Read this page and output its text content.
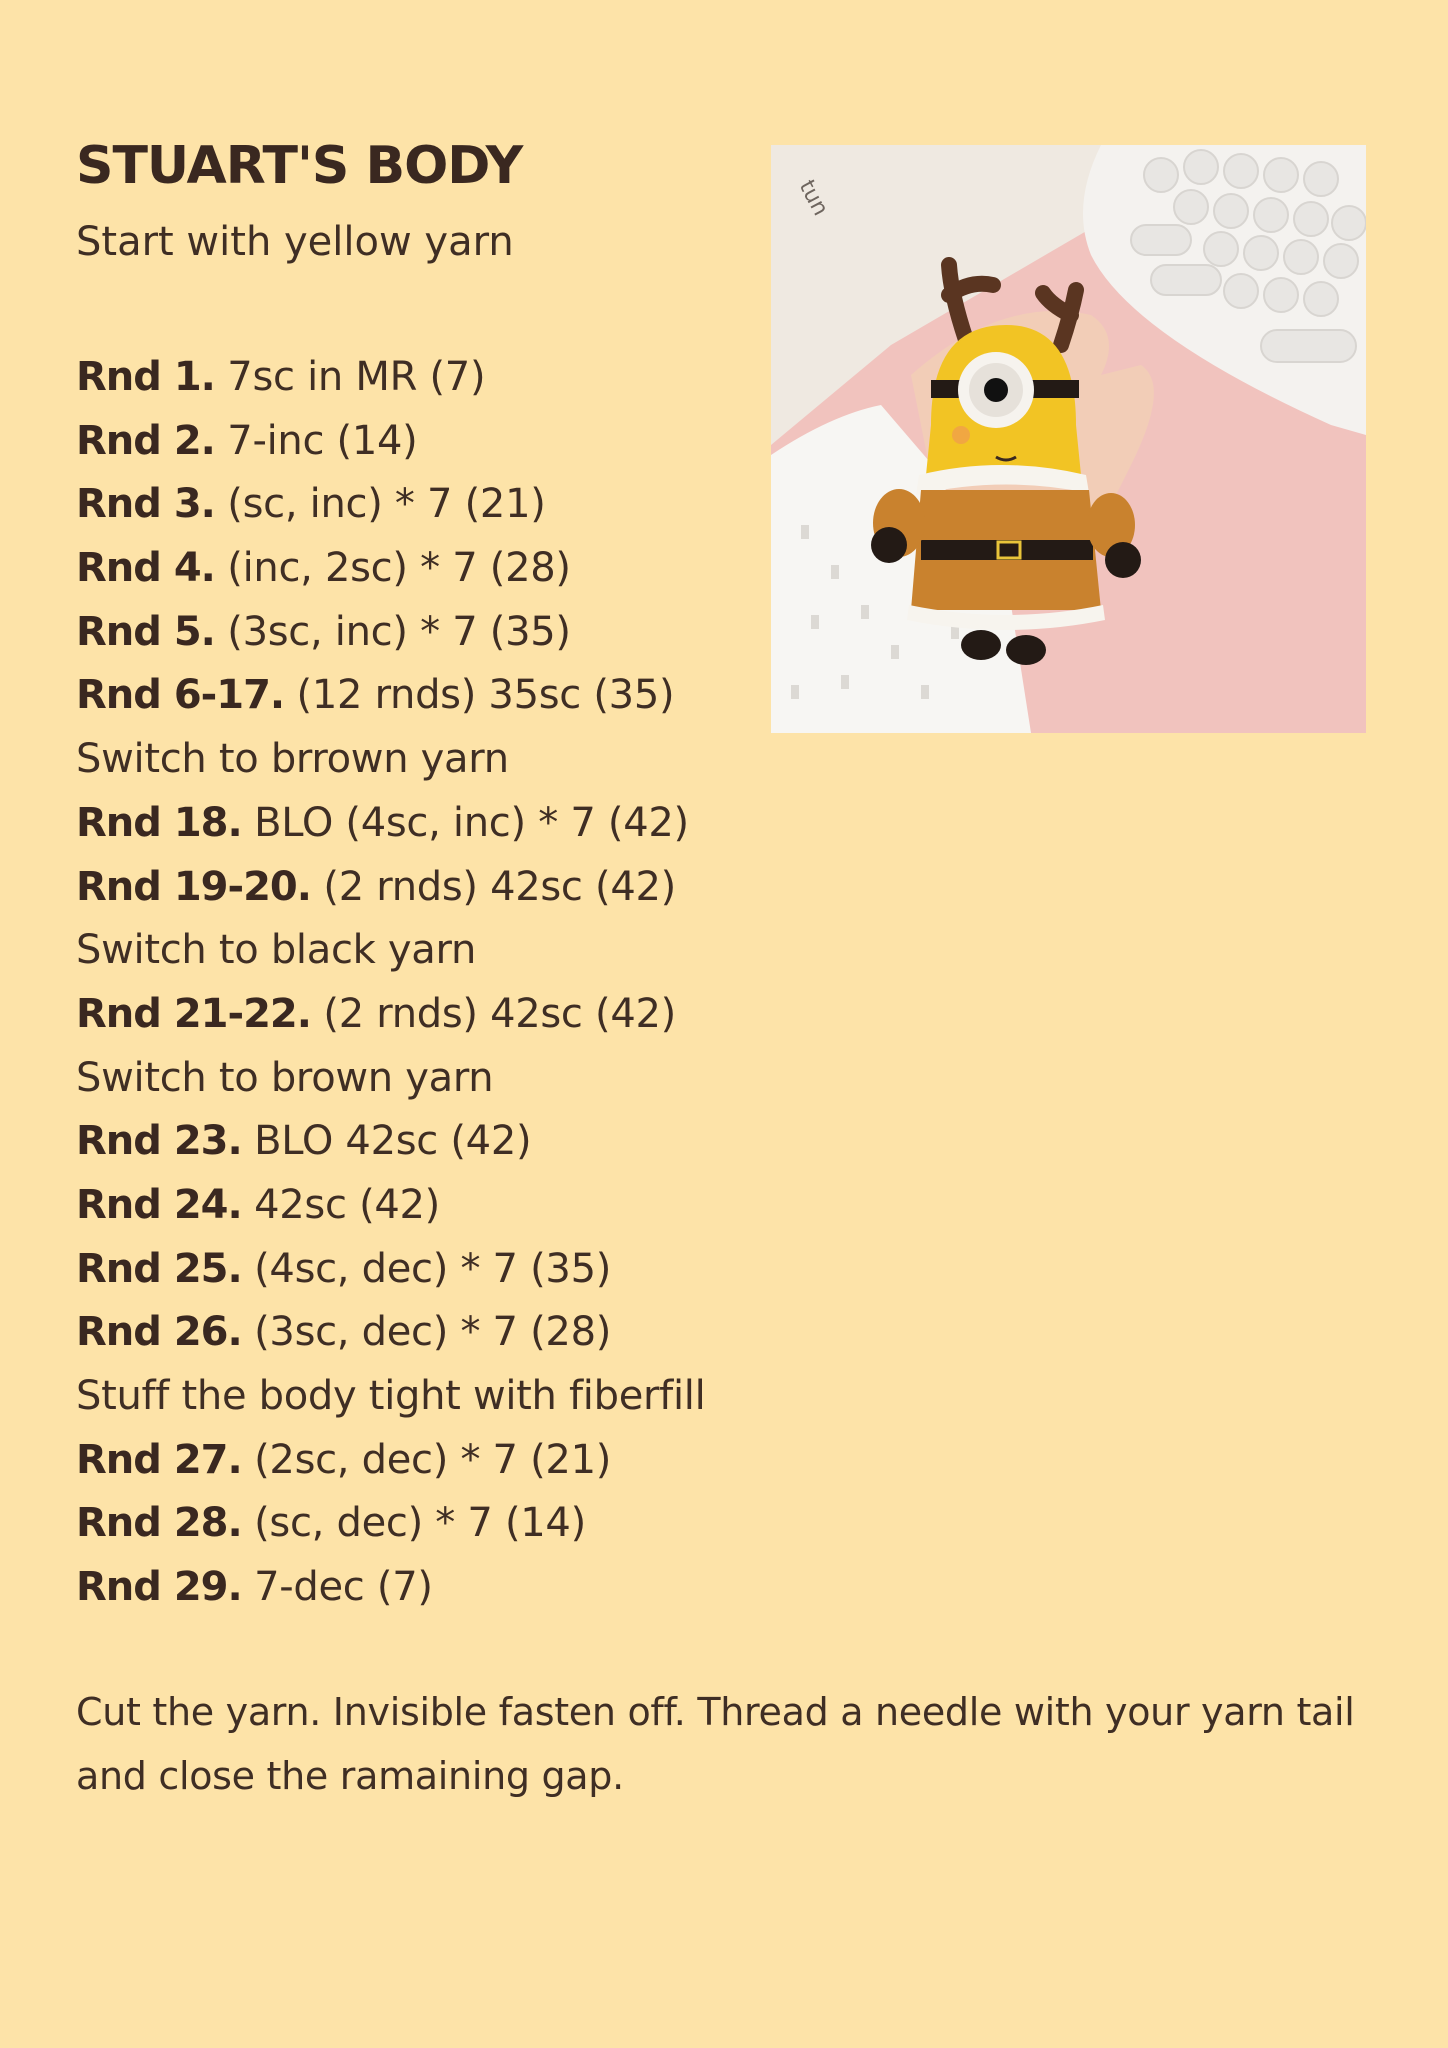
STUART'S BODY
Start with yellow yarn
Rnd 1. 7sc in MR (7)
Rnd 2. 7-inc (14)
Rnd 3. (sc, inc) * 7 (21)
Rnd 4. (inc, 2sc) * 7 (28)
Rnd 5. (3sc, inc) * 7 (35)
Rnd 6-17. (12 rnds) 35sc (35)
Switch to brrown yarn
Rnd 18. BLO (4sc, inc) * 7 (42)
Rnd 19-20. (2 rnds) 42sc (42)
Switch to black yarn
Rnd 21-22. (2 rnds) 42sc (42)
Switch to brown yarn
Rnd 23. BLO 42sc (42)
Rnd 24. 42sc (42)
Rnd 25. (4sc, dec) * 7 (35)
Rnd 26. (3sc, dec) * 7 (28)
Stuff the body tight with fiberfill
Rnd 27. (2sc, dec) * 7 (21)
Rnd 28. (sc, dec) * 7 (14)
Rnd 29. 7-dec (7)

Cut the yarn. Invisible fasten off. Thread a needle with your yarn tail and close the ramaining gap.

tun
